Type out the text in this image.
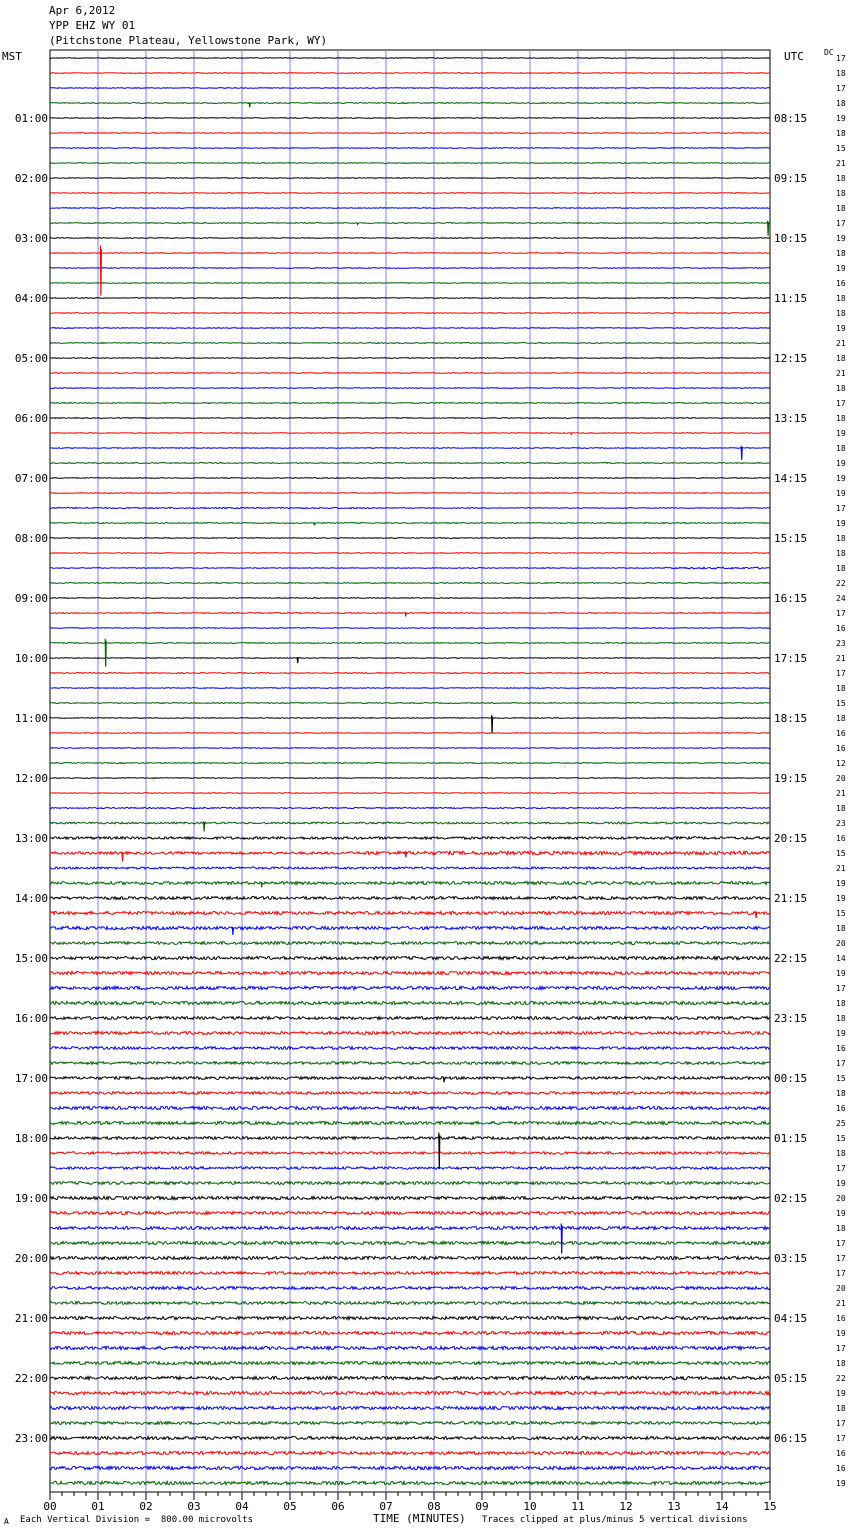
Apr 6,2012
YPP EHZ WY 01
(Pitchstone Plateau, Yellowstone Park, WY)
MST	UTC	DC
00	01	02	03	04	05	06	07	08	09	10	11	12	13	14	15
01:00
02:00
03:00
04:00
05:00
06:00
07:00
08:00
09:00
10:00
11:00
12:00
13:00
14:00
15:00
16:00
17:00
18:00
19:00
20:00
21:00
22:00
23:00
08:15
09:15
10:15
11:15
12:15
13:15
14:15
15:15
16:15
17:15
18:15
19:15
20:15
21:15
22:15
23:15
00:15
01:15
02:15
03:15
04:15
05:15
06:15
17
18
17
18
19
18
15
21
18
18
18
17
19
18
19
16
18
18
19
21
18
21
18
17
18
19
18
19
19
19
17
19
18
18
18
22
24
17
16
23
21
17
18
15
18
16
16
12
20
21
18
23
16
15
21
19
19
15
18
20
14
19
17
18
18
19
16
17
15
18
16
25
15
18
17
19
20
19
18
17
17
17
20
21
16
19
17
18
22
19
18
17
17
16
16
19
A Each Vertical Division =  800.00 microvolts	TIME (MINUTES) Traces clipped at plus/minus 5 vertical divisions
